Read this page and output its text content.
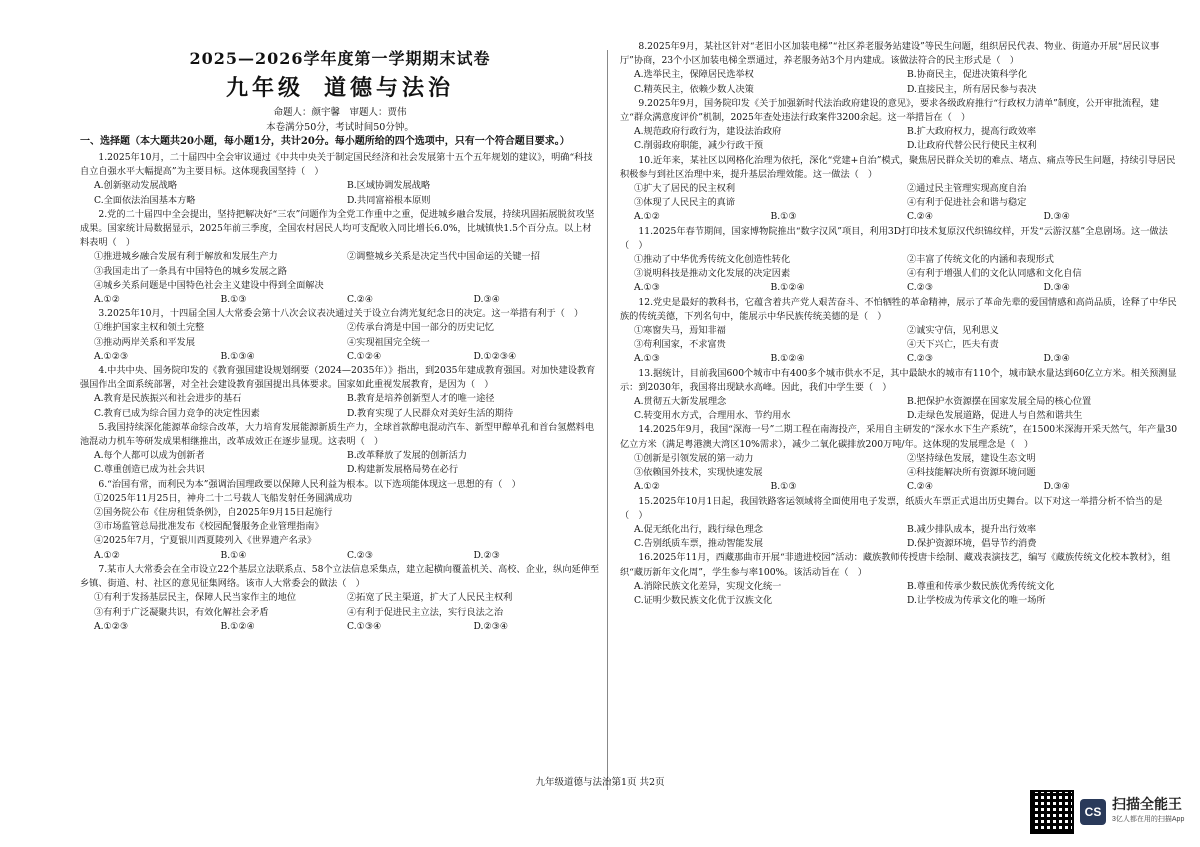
2025—2026学年度第一学期期末试卷

九年级 道德与法治

命题人：颜宇馨　审题人：贾伟

本卷满分50分，考试时间50分钟。

一、选择题（本大题共20小题，每小题1分，共计20分。每小题所给的四个选项中，只有一个符合题目要求。）

1.2025年10月，二十届四中全会审议通过《中共中央关于制定国民经济和社会发展第十五个五年规划的建议》，明确“科技自立自强水平大幅提高”为主要目标。这体现我国坚持（　）

A.创新驱动发展战略	B.区域协调发展战略
C.全面依法治国基本方略	D.共同富裕根本原则

2.党的二十届四中全会提出，坚持把解决好“三农”问题作为全党工作重中之重，促进城乡融合发展，持续巩固拓展脱贫攻坚成果。国家统计局数据显示，2025年前三季度，全国农村居民人均可支配收入同比增长6.0%，比城镇快1.5个百分点。以上材料表明（　）

①推进城乡融合发展有利于解放和发展生产力	②调整城乡关系是决定当代中国命运的关键一招

③我国走出了一条具有中国特色的城乡发展之路

④城乡关系问题是中国特色社会主义建设中得到全面解决

A.①②	B.①③	C.②④	D.③④

3.2025年10月，十四届全国人大常委会第十八次会议表决通过关于设立台湾光复纪念日的决定。这一举措有利于（　）

①维护国家主权和领土完整	②传承台湾是中国一部分的历史记忆
③推动两岸关系和平发展	④实现祖国完全统一
A.①②③	B.①③④	C.①②④	D.①②③④

4.中共中央、国务院印发的《教育强国建设规划纲要（2024—2035年）》指出，到2035年建成教育强国。对加快建设教育强国作出全面系统部署，对全社会建设教育强国提出具体要求。国家如此重视发展教育，是因为（　）

A.教育是民族振兴和社会进步的基石	B.教育是培养创新型人才的唯一途径
C.教育已成为综合国力竞争的决定性因素	D.教育实现了人民群众对美好生活的期待

5.我国持续深化能源革命综合改革，大力培育发展能源新质生产力，全球首款醇电混动汽车、新型甲醇单孔和首台氢燃料电池混动力机车等研发成果相继推出，改革成效正在逐步显现。这表明（　）

A.每个人都可以成为创新者	B.改革释放了发展的创新活力
C.尊重创造已成为社会共识	D.构建新发展格局势在必行

6.“治国有常，而利民为本”强调治国理政要以保障人民利益为根本。以下选项能体现这一思想的有（　）

①2025年11月25日，神舟二十二号载人飞船发射任务圆满成功

②国务院公布《住房租赁条例》，自2025年9月15日起施行

③市场监管总局批准发布《校园配餐服务企业管理指南》

④2025年7月，宁夏银川西夏陵列入《世界遗产名录》

A.①②	B.①④	C.②③	D.②③

7.某市人大常委会在全市设立22个基层立法联系点、58个立法信息采集点，建立起横向覆盖机关、高校、企业，纵向延伸至乡镇、街道、村、社区的意见征集网络。该市人大常委会的做法（　）

①有利于发扬基层民主，保障人民当家作主的地位	②拓宽了民主渠道，扩大了人民民主权利
③有利于广泛凝聚共识，有效化解社会矛盾	④有利于促进民主立法，实行良法之治
A.①②③	B.①②④	C.①③④	D.②③④

8.2025年9月，某社区针对“老旧小区加装电梯”“社区养老服务站建设”等民生问题，组织居民代表、物业、街道办开展“居民议事厅”协商，23个小区加装电梯全票通过，养老服务站3个月内建成。该做法符合的民主形式是（　）

A.选举民主，保障居民选举权	B.协商民主，促进决策科学化
C.精英民主，依赖少数人决策	D.直接民主，所有居民参与表决

9.2025年9月，国务院印发《关于加强新时代法治政府建设的意见》，要求各级政府推行“行政权力清单”制度，公开审批流程，建立“群众满意度评价”机制，2025年查处违法行政案件3200余起。这一举措旨在（　）

A.规范政府行政行为，建设法治政府	B.扩大政府权力，提高行政效率
C.削弱政府职能，减少行政干预	D.让政府代替公民行使民主权利

10.近年来，某社区以网格化治理为依托，深化“党建+自治”模式，聚焦居民群众关切的难点、堵点、痛点等民生问题，持续引导居民积极参与到社区治理中来，提升基层治理效能。这一做法（　）

①扩大了居民的民主权利	②通过民主管理实现高度自治
③体现了人民民主的真谛	④有利于促进社会和谐与稳定
A.①②	B.①③	C.②④	D.③④

11.2025年春节期间，国家博物院推出“数字汉风”项目，利用3D打印技术复原汉代织锦纹样，开发“云游汉墓”全息剧场。这一做法（　）

①推动了中华优秀传统文化创造性转化	②丰富了传统文化的内涵和表现形式
③说明科技是推动文化发展的决定因素	④有利于增强人们的文化认同感和文化自信
A.①③	B.①②④	C.②③	D.③④

12.党史是最好的教科书，它蕴含着共产党人艰苦奋斗、不怕牺牲的革命精神，展示了革命先辈的爱国情感和高尚品质，诠释了中华民族的传统美德，下列名句中，能展示中华民族传统美德的是（　）

①寒窗失马，焉知非福	②诚实守信，见利思义
③苟利国家，不求富贵	④天下兴亡，匹夫有责
A.①③	B.①②④	C.②③	D.③④

13.据统计，目前我国600个城市中有400多个城市供水不足，其中最缺水的城市有110个，城市缺水量达到60亿立方米。相关预测显示：到2030年，我国将出现缺水高峰。因此，我们中学生要（　）

A.贯彻五大新发展理念	B.把保护水资源摆在国家发展全局的核心位置
C.转变用水方式，合理用水、节约用水	D.走绿色发展道路，促进人与自然和谐共生

14.2025年9月，我国“深海一号”二期工程在南海投产，采用自主研发的“深水水下生产系统”，在1500米深海开采天然气，年产量30亿立方米（满足粤港澳大湾区10%需求），减少二氧化碳排放200万吨/年。这体现的发展理念是（　）

①创新是引领发展的第一动力	②坚持绿色发展，建设生态文明
③依赖国外技术，实现快速发展	④科技能解决所有资源环境问题
A.①②	B.①③	C.②④	D.③④

15.2025年10月1日起，我国铁路客运领域将全面使用电子发票，纸质火车票正式退出历史舞台。以下对这一举措分析不恰当的是（　）

A.促无纸化出行，践行绿色理念	B.减少排队成本，提升出行效率
C.告别纸质车票，推动智能发展	D.保护资源环境，倡导节约消费

16.2025年11月，西藏那曲市开展“非遗进校园”活动：藏族教师传授唐卡绘制、藏戏表演技艺，编写《藏族传统文化校本教材》，组织“藏历新年文化周”，学生参与率100%。该活动旨在（　）

A.消除民族文化差异，实现文化统一	B.尊重和传承少数民族优秀传统文化
C.证明少数民族文化优于汉族文化	D.让学校成为传承文化的唯一场所
九年级道德与法治第1页 共2页
CS 扫描全能王
3亿人都在用的扫描App
